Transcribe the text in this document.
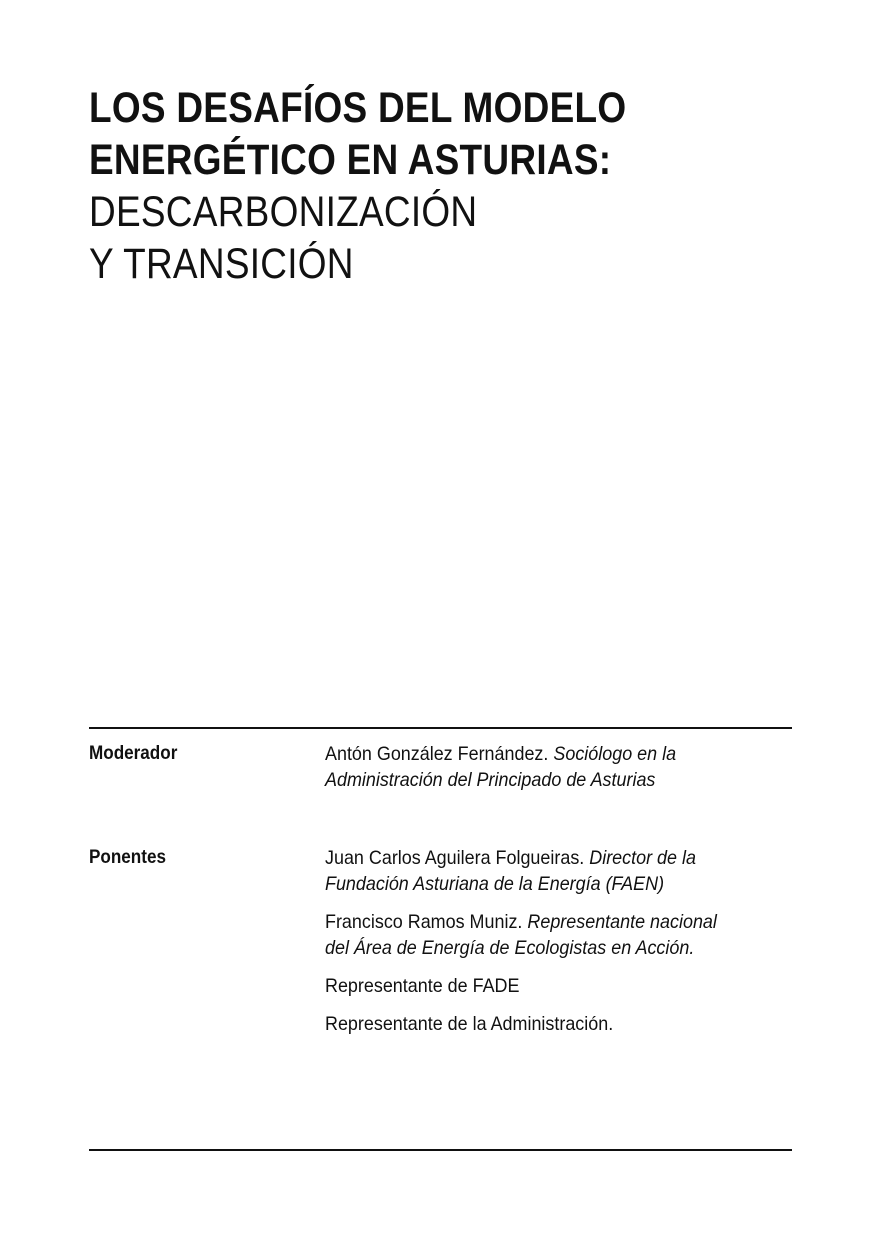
LOS DESAFÍOS DEL MODELO
ENERGÉTICO EN ASTURIAS:
DESCARBONIZACIÓN
Y TRANSICIÓN
Moderador	Antón González Fernández. Sociólogo en la
Administración del Principado de Asturias
Ponentes	Juan Carlos Aguilera Folgueiras. Director de la
Fundación Asturiana de la Energía (FAEN)
Francisco Ramos Muniz. Representante nacional
del Área de Energía de Ecologistas en Acción.
Representante de FADE
Representante de la Administración.
